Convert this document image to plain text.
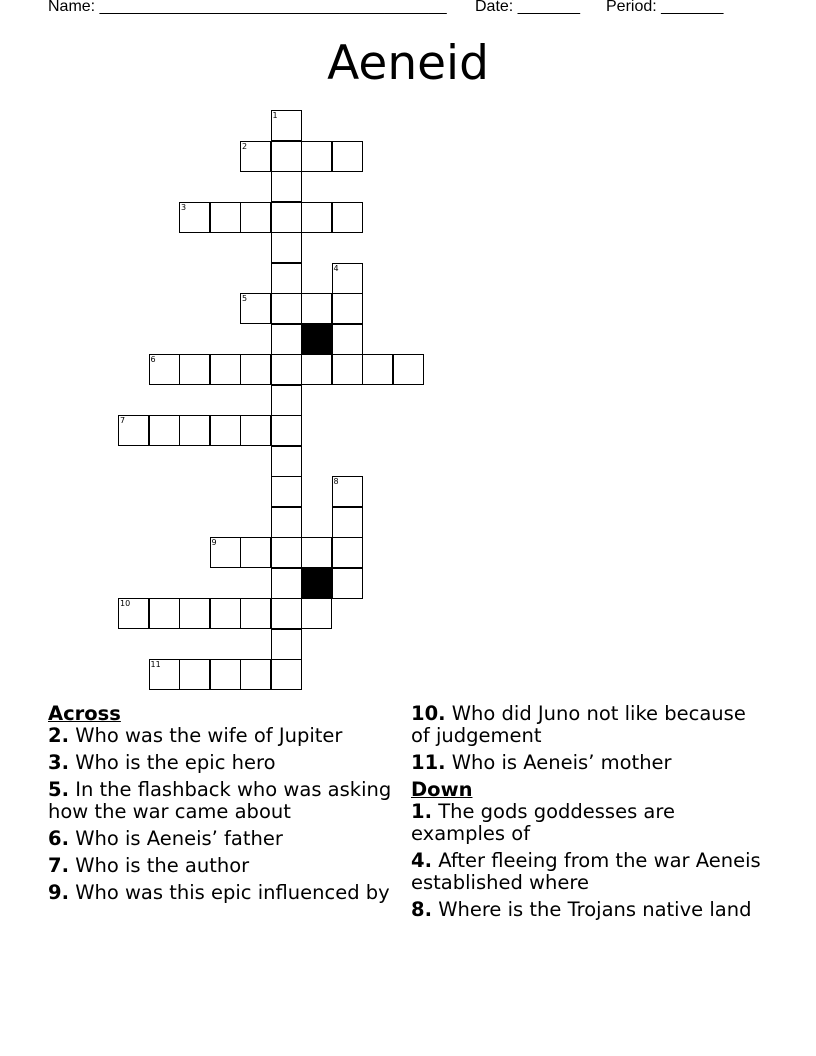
Name: _______________________________________ Date: _______ Period: _______
Aeneid
1
2
3
4
5
6
7
8
9
10
11
Across
2. Who was the wife of Jupiter
3. Who is the epic hero
5. In the flashback who was asking how the war came about
6. Who is Aeneis’ father
7. Who is the author
9. Who was this epic influenced by
10. Who did Juno not like because of judgement
11. Who is Aeneis’ mother
Down
1. The gods goddesses are examples of
4. After fleeing from the war Aeneis established where
8. Where is the Trojans native land
